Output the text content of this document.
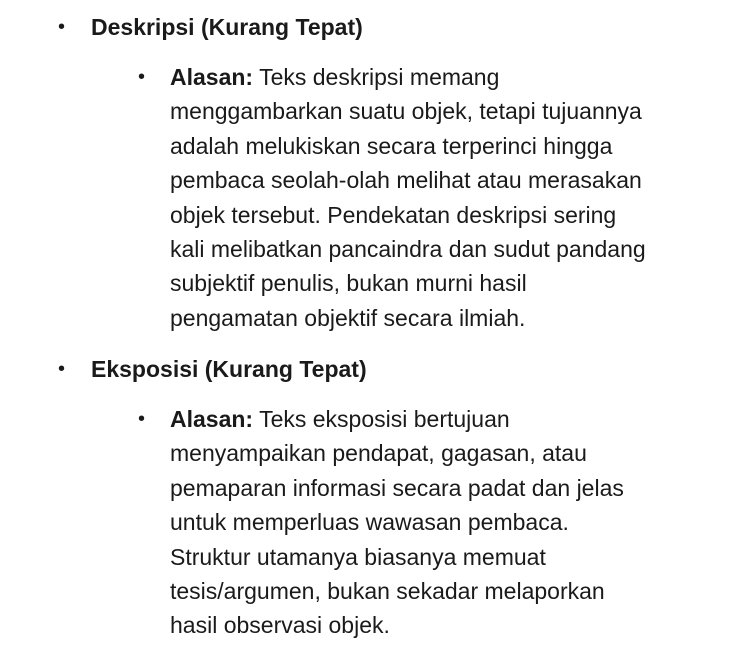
• Deskripsi (Kurang Tepat)
• Alasan: Teks deskripsi memang
menggambarkan suatu objek, tetapi tujuannya
adalah melukiskan secara terperinci hingga
pembaca seolah-olah melihat atau merasakan
objek tersebut. Pendekatan deskripsi sering
kali melibatkan pancaindra dan sudut pandang
subjektif penulis, bukan murni hasil
pengamatan objektif secara ilmiah.
• Eksposisi (Kurang Tepat)
• Alasan: Teks eksposisi bertujuan
menyampaikan pendapat, gagasan, atau
pemaparan informasi secara padat dan jelas
untuk memperluas wawasan pembaca.
Struktur utamanya biasanya memuat
tesis/argumen, bukan sekadar melaporkan
hasil observasi objek.
